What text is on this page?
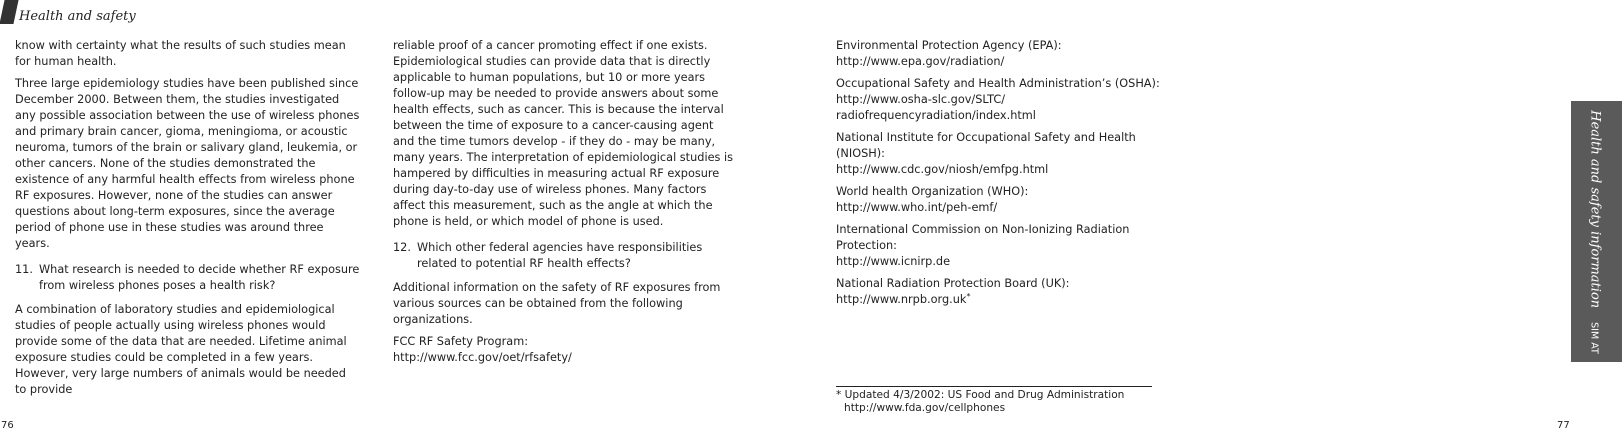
Health and safety

know with certainty what the results of such studies mean for human health.

Three large epidemiology studies have been published since December 2000. Between them, the studies investigated any possible association between the use of wireless phones and primary brain cancer, gioma, meningioma, or acoustic neuroma, tumors of the brain or salivary gland, leukemia, or other cancers. None of the studies demonstrated the existence of any harmful health effects from wireless phone RF exposures. However, none of the studies can answer questions about long-term exposures, since the average period of phone use in these studies was around three years.

11. What research is needed to decide whether RF exposure from wireless phones poses a health risk?

A combination of laboratory studies and epidemiological studies of people actually using wireless phones would provide some of the data that are needed. Lifetime animal exposure studies could be completed in a few years. However, very large numbers of animals would be needed to provide

reliable proof of a cancer promoting effect if one exists. Epidemiological studies can provide data that is directly applicable to human populations, but 10 or more years follow-up may be needed to provide answers about some health effects, such as cancer. This is because the interval between the time of exposure to a cancer-causing agent and the time tumors develop - if they do - may be many, many years. The interpretation of epidemiological studies is hampered by difficulties in measuring actual RF exposure during day-to-day use of wireless phones. Many factors affect this measurement, such as the angle at which the phone is held, or which model of phone is used.

12. Which other federal agencies have responsibilities related to potential RF health effects?

Additional information on the safety of RF exposures from various sources can be obtained from the following organizations.

FCC RF Safety Program:
http://www.fcc.gov/oet/rfsafety/

Environmental Protection Agency (EPA):
http://www.epa.gov/radiation/

Occupational Safety and Health Administration’s (OSHA):
http://www.osha-slc.gov/SLTC/
radiofrequencyradiation/index.html

National Institute for Occupational Safety and Health (NIOSH):
http://www.cdc.gov/niosh/emfpg.html

World health Organization (WHO):
http://www.who.int/peh-emf/

International Commission on Non-Ionizing Radiation Protection:
http://www.icnirp.de

National Radiation Protection Board (UK):
http://www.nrpb.org.uk*

* Updated 4/3/2002: US Food and Drug Administration
http://www.fda.gov/cellphones
Health and safety informationSIM AT
76	77
